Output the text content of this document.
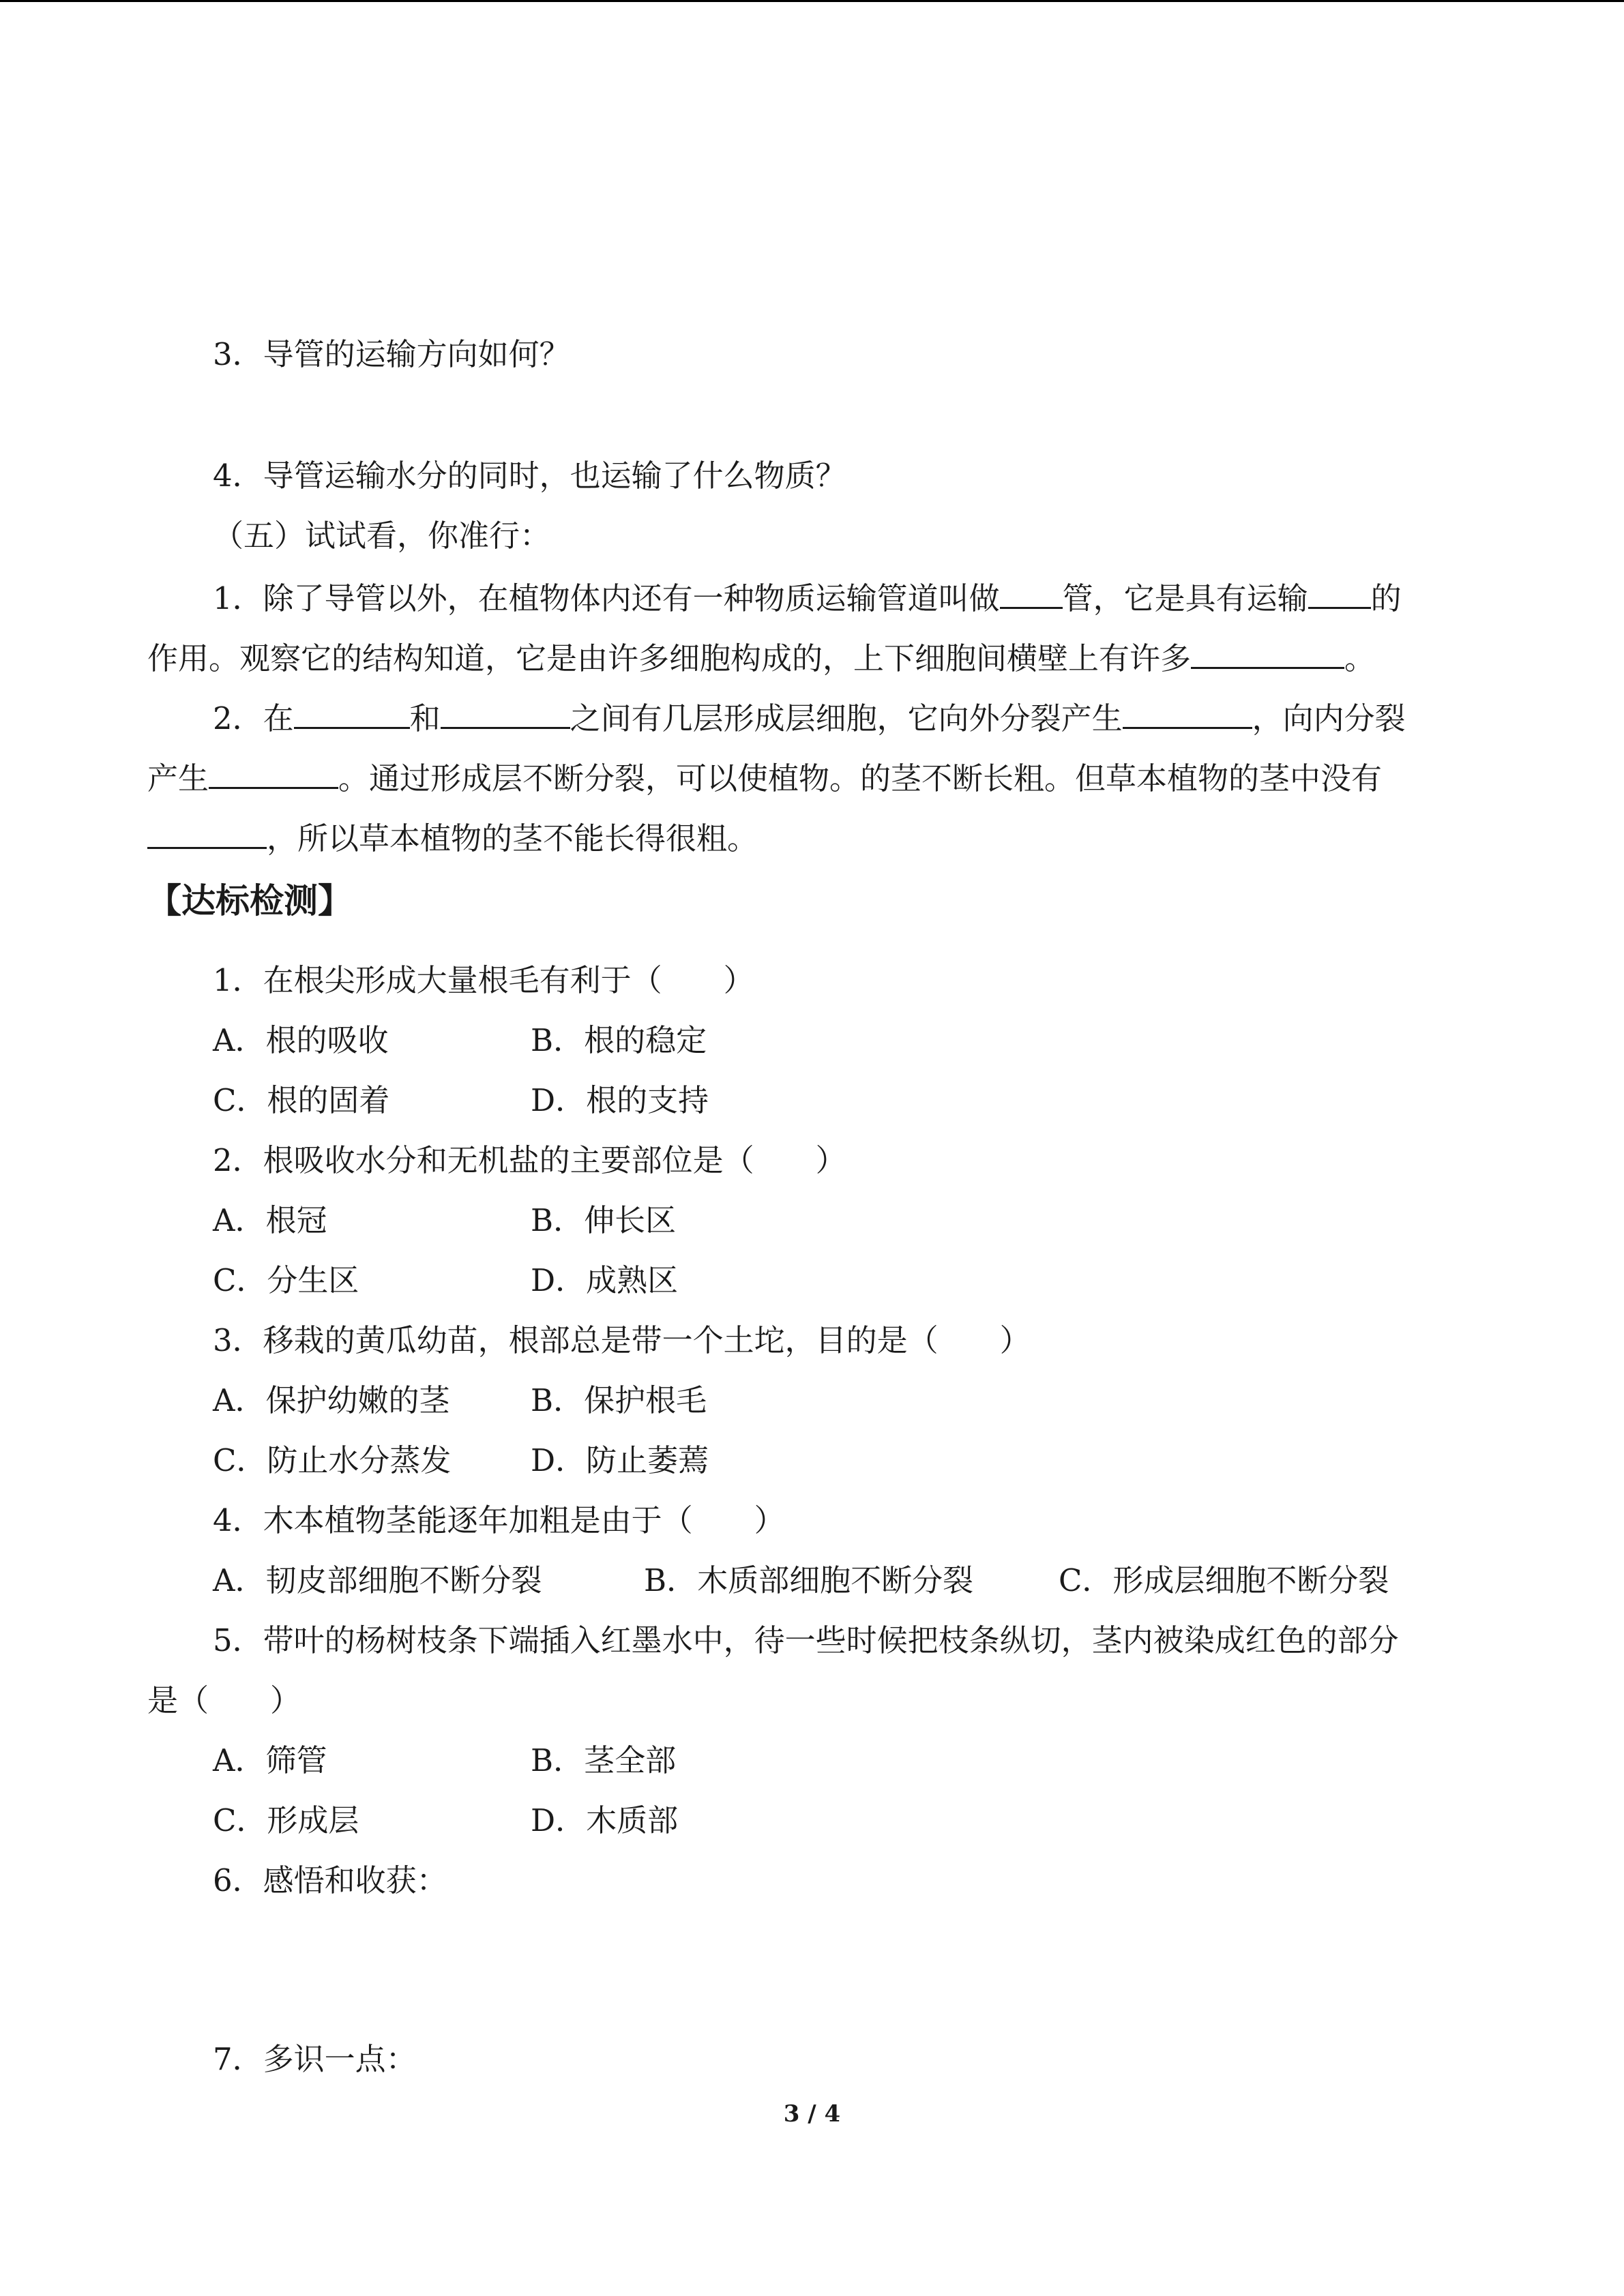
3．导管的运输方向如何？
4．导管运输水分的同时，也运输了什么物质？
（五）试试看，你准行：
1．除了导管以外，在植物体内还有一种物质运输管道叫做 管，它是具有运输 的
作用。观察它的结构知道，它是由许多细胞构成的，上下细胞间横壁上有许多	。
2．在	和	之间有几层形成层细胞，它向外分裂产生	，向内分裂
产生	。通过形成层不断分裂，可以使植物。的茎不断长粗。但草本植物的茎中没有
，所以草本植物的茎不能长得很粗。
【达标检测】
1．在根尖形成大量根毛有利于（　　）
A．根的吸收	B．根的稳定
C．根的固着	D．根的支持
2．根吸收水分和无机盐的主要部位是（　　）
A．根冠	B．伸长区
C．分生区	D．成熟区
3．移栽的黄瓜幼苗，根部总是带一个土坨，目的是（　　）
A．保护幼嫩的茎	B．保护根毛
C．防止水分蒸发	D．防止萎蔫
4．木本植物茎能逐年加粗是由于（　　）
A．韧皮部细胞不断分裂	B．木质部细胞不断分裂	C．形成层细胞不断分裂
5．带叶的杨树枝条下端插入红墨水中，待一些时候把枝条纵切，茎内被染成红色的部分
是（　　）
A．筛管	B．茎全部
C．形成层	D．木质部
6．感悟和收获：
7．多识一点：
3 / 4
